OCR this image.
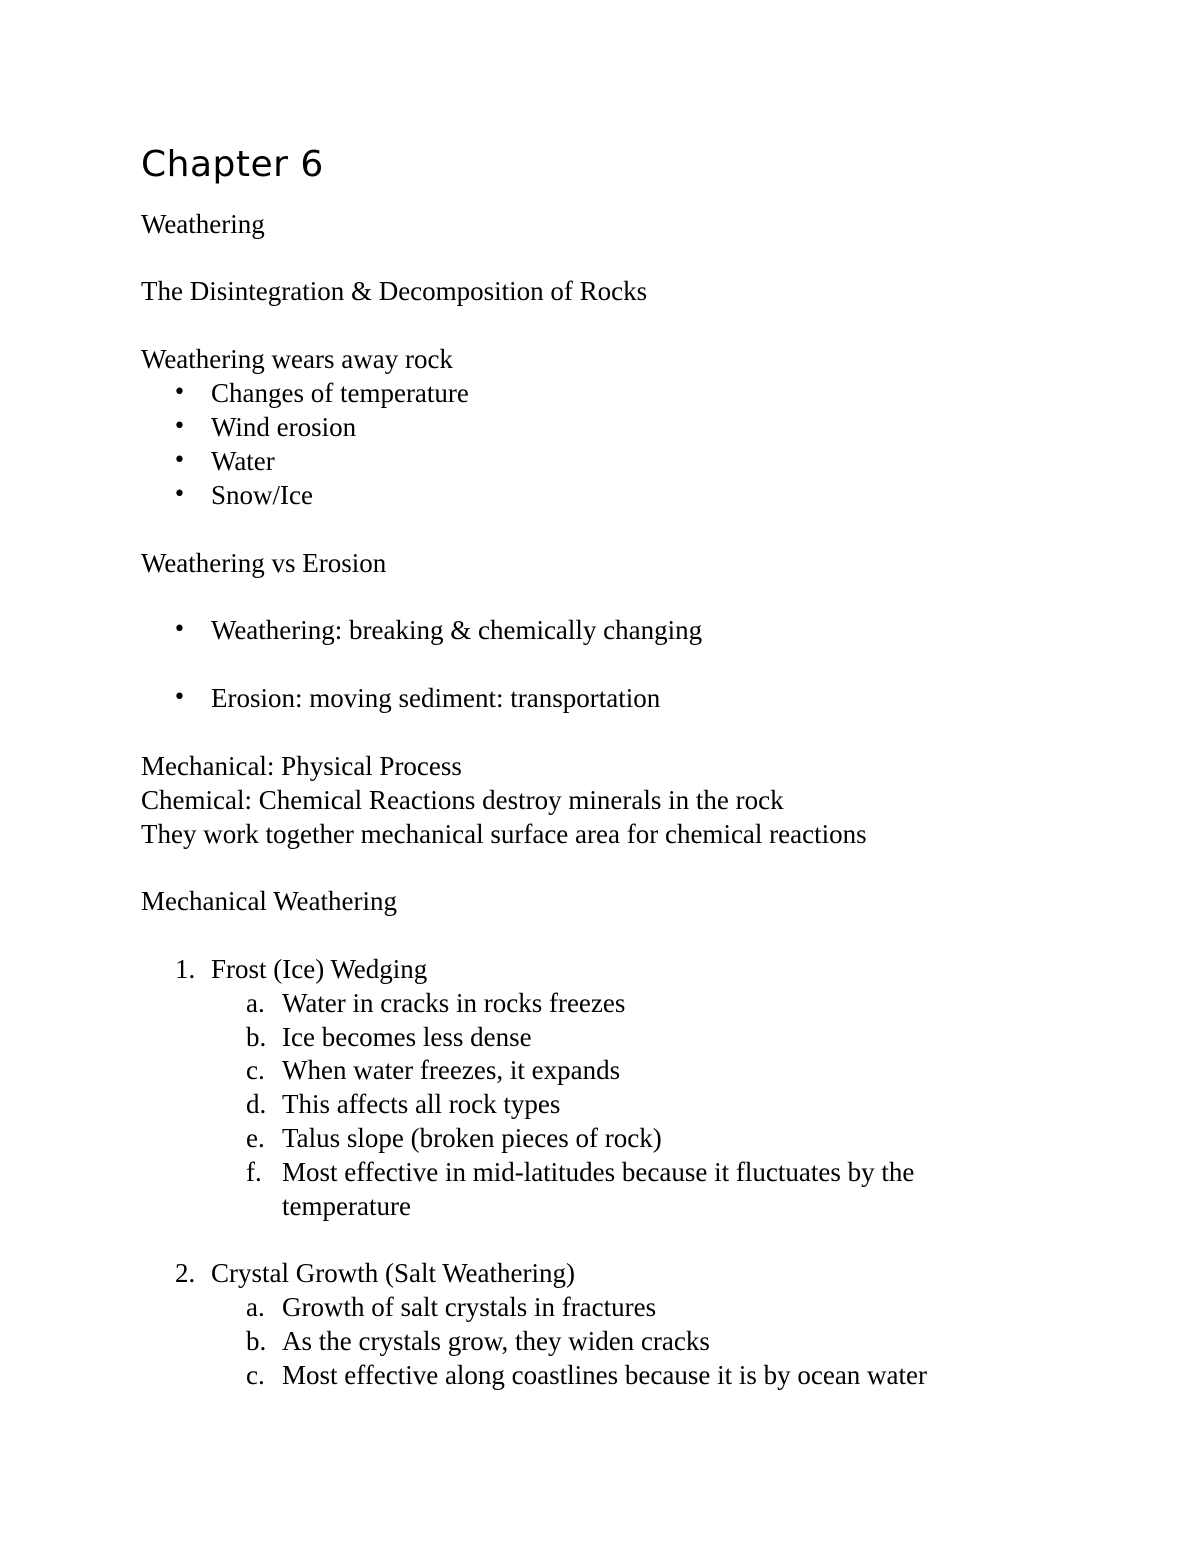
Chapter 6

Weathering

The Disintegration & Decomposition of Rocks

Weathering wears away rock

• Changes of temperature

• Wind erosion

• Water

• Snow/Ice

Weathering vs Erosion

• Weathering: breaking & chemically changing

• Erosion: moving sediment: transportation

Mechanical: Physical Process

Chemical: Chemical Reactions destroy minerals in the rock

They work together mechanical surface area for chemical reactions

Mechanical Weathering

1. Frost (Ice) Wedging

a. Water in cracks in rocks freezes

b. Ice becomes less dense

c. When water freezes, it expands

d. This affects all rock types

e. Talus slope (broken pieces of rock)

f. Most effective in mid-latitudes because it fluctuates by the

temperature

2. Crystal Growth (Salt Weathering)

a. Growth of salt crystals in fractures

b. As the crystals grow, they widen cracks

c. Most effective along coastlines because it is by ocean water
